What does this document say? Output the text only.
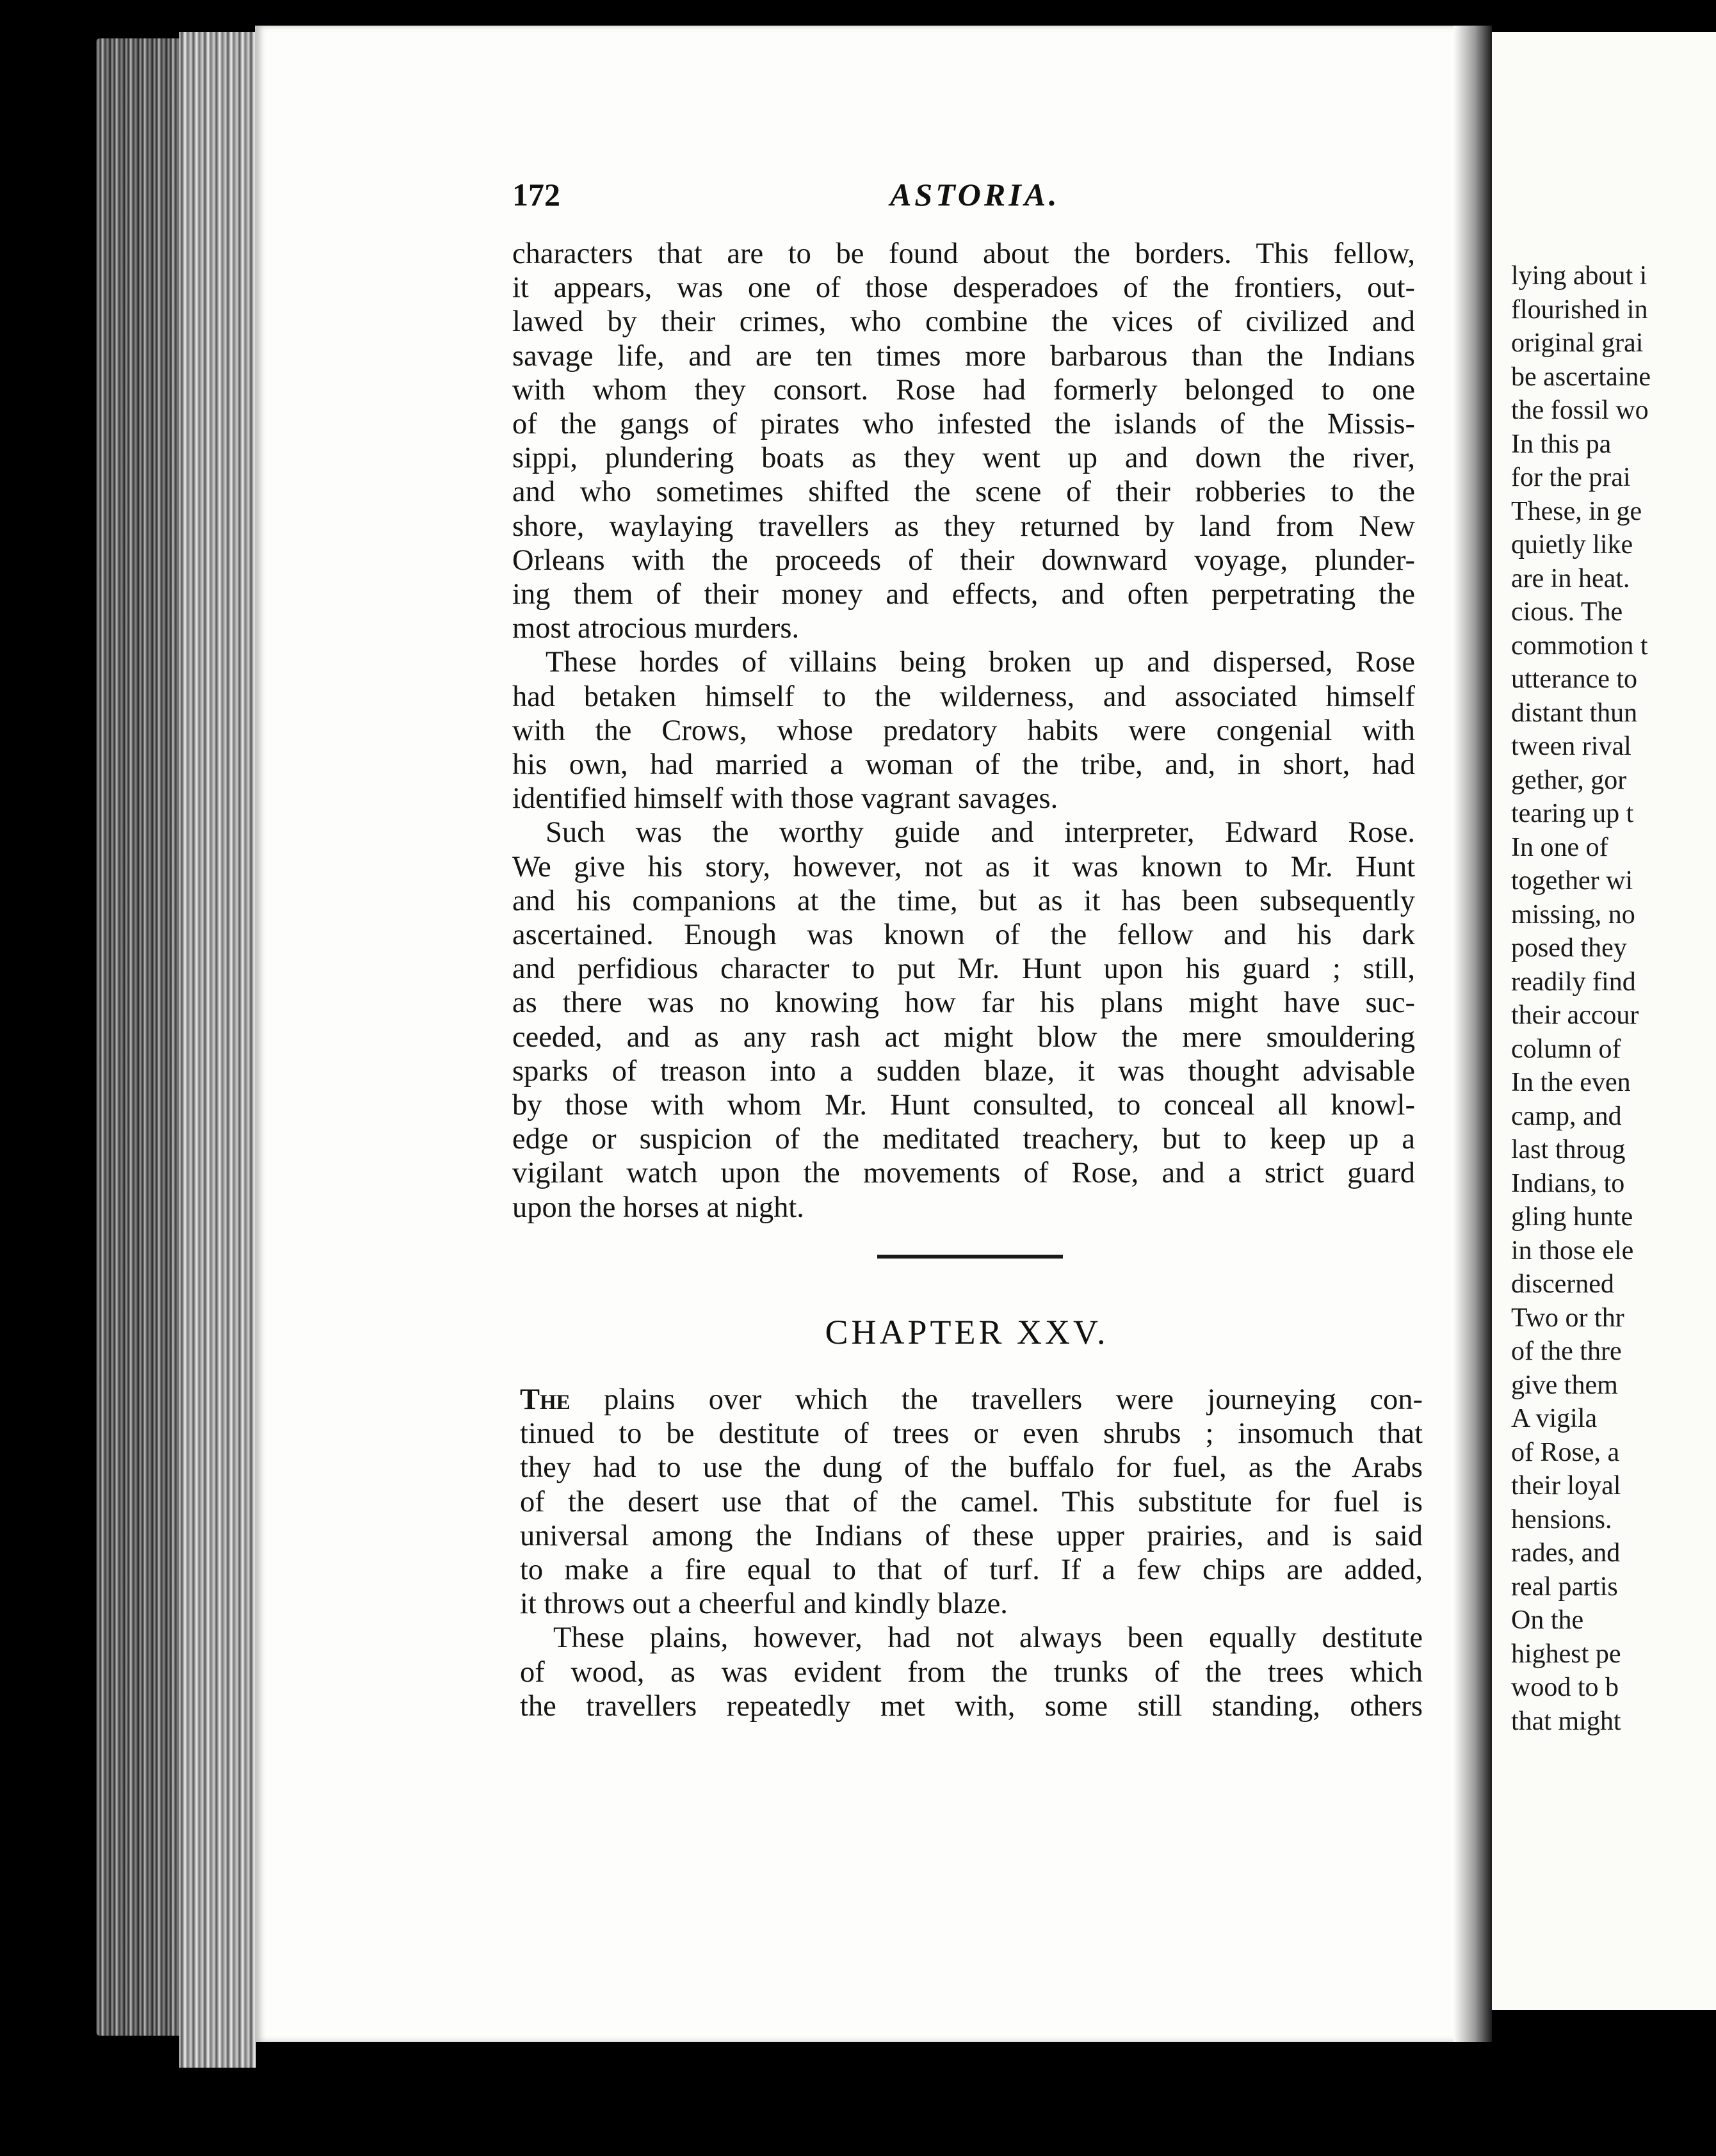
lying about i
flourished in
original grai
be ascertaine
the fossil wo
In this pa
for the prai
These, in ge
quietly like
are in heat.
cious. The
commotion t
utterance to
distant thun
tween rival
gether, gor
tearing up t
In one of
together wi
missing, no
posed they
readily find
their accour
column of
In the even
camp, and
last throug
Indians, to
gling hunte
in those ele
discerned
Two or thr
of the thre
give them
A vigila
of Rose, a
their loyal
hensions.
rades, and
real partis
On the
highest pe
wood to b
that might
172	ASTORIA.
characters that are to be found about the borders. This fellow,
it appears, was one of those desperadoes of the frontiers, out-
lawed by their crimes, who combine the vices of civilized and
savage life, and are ten times more barbarous than the Indians
with whom they consort. Rose had formerly belonged to one
of the gangs of pirates who infested the islands of the Missis-
sippi, plundering boats as they went up and down the river,
and who sometimes shifted the scene of their robberies to the
shore, waylaying travellers as they returned by land from New
Orleans with the proceeds of their downward voyage, plunder-
ing them of their money and effects, and often perpetrating the
most atrocious murders.
These hordes of villains being broken up and dispersed, Rose
had betaken himself to the wilderness, and associated himself
with the Crows, whose predatory habits were congenial with
his own, had married a woman of the tribe, and, in short, had
identified himself with those vagrant savages.
Such was the worthy guide and interpreter, Edward Rose.
We give his story, however, not as it was known to Mr. Hunt
and his companions at the time, but as it has been subsequently
ascertained. Enough was known of the fellow and his dark
and perfidious character to put Mr. Hunt upon his guard ; still,
as there was no knowing how far his plans might have suc-
ceeded, and as any rash act might blow the mere smouldering
sparks of treason into a sudden blaze, it was thought advisable
by those with whom Mr. Hunt consulted, to conceal all knowl-
edge or suspicion of the meditated treachery, but to keep up a
vigilant watch upon the movements of Rose, and a strict guard
upon the horses at night.
CHAPTER XXV.
The plains over which the travellers were journeying con-
tinued to be destitute of trees or even shrubs ; insomuch that
they had to use the dung of the buffalo for fuel, as the Arabs
of the desert use that of the camel. This substitute for fuel is
universal among the Indians of these upper prairies, and is said
to make a fire equal to that of turf. If a few chips are added,
it throws out a cheerful and kindly blaze.
These plains, however, had not always been equally destitute
of wood, as was evident from the trunks of the trees which
the travellers repeatedly met with, some still standing, others
